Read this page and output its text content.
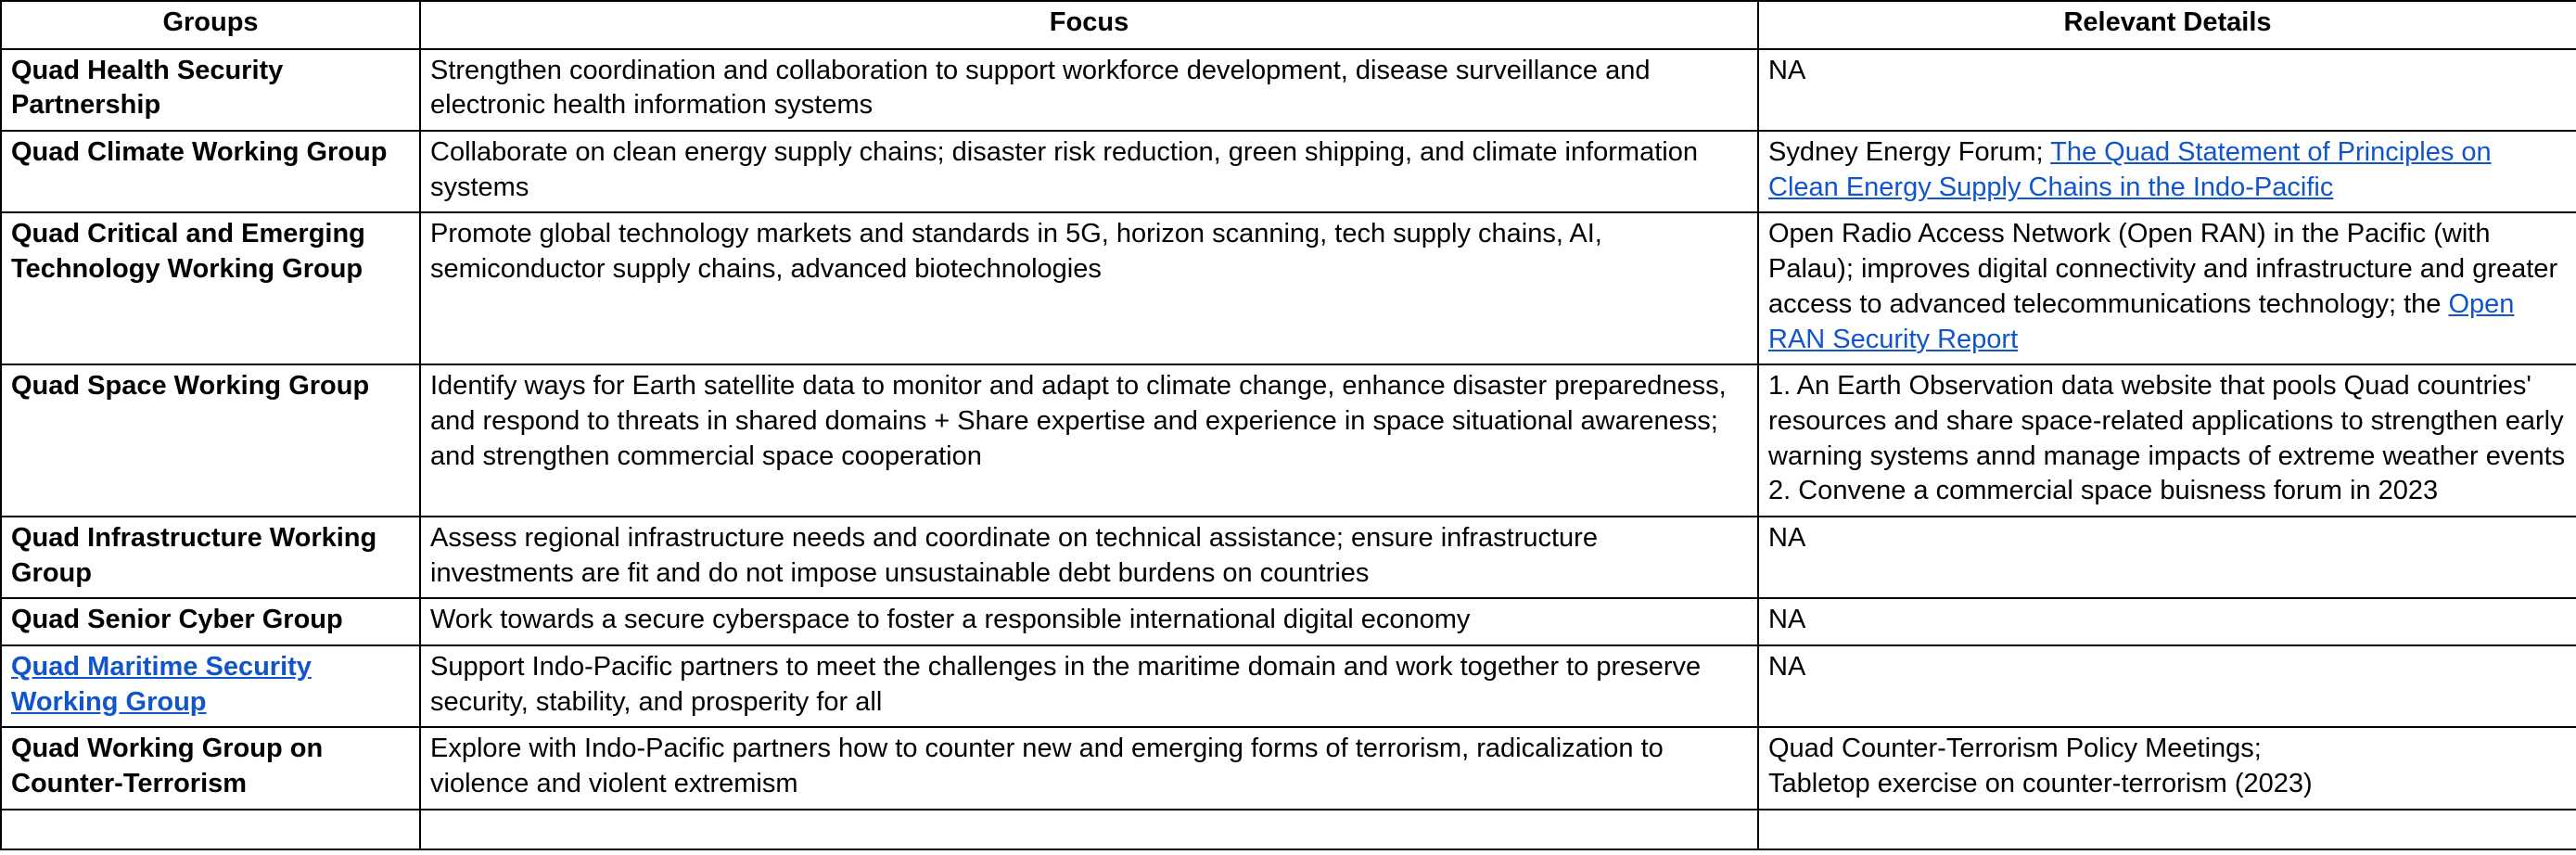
Groups	Focus	Relevant Details
Quad Health Security Partnership	Strengthen coordination and collaboration to support workforce development, disease surveillance and electronic health information systems	NA
Quad Climate Working Group	Collaborate on clean energy supply chains; disaster risk reduction, green shipping, and climate information systems	Sydney Energy Forum; The Quad Statement of Principles on Clean Energy Supply Chains in the Indo-Pacific
Quad Critical and Emerging Technology Working Group	Promote global technology markets and standards in 5G, horizon scanning, tech supply chains, AI, semiconductor supply chains, advanced biotechnologies	Open Radio Access Network (Open RAN) in the Pacific (with Palau); improves digital connectivity and infrastructure and greater access to advanced telecommunications technology; the Open RAN Security Report
Quad Space Working Group	Identify ways for Earth satellite data to monitor and adapt to climate change, enhance disaster preparedness, and respond to threats in shared domains + Share expertise and experience in space situational awareness; and strengthen commercial space cooperation	1. An Earth Observation data website that pools Quad countries' resources and share space-related applications to strengthen early warning systems annd manage impacts of extreme weather events
2. Convene a commercial space buisness forum in 2023
Quad Infrastructure Working Group	Assess regional infrastructure needs and coordinate on technical assistance; ensure infrastructure investments are fit and do not impose unsustainable debt burdens on countries	NA
Quad Senior Cyber Group	Work towards a secure cyberspace to foster a responsible international digital economy	NA
Quad Maritime Security Working Group	Support Indo-Pacific partners to meet the challenges in the maritime domain and work together to preserve security, stability, and prosperity for all	NA
Quad Working Group on Counter-Terrorism	Explore with Indo-Pacific partners how to counter new and emerging forms of terrorism, radicalization to violence and violent extremism	Quad Counter-Terrorism Policy Meetings;
Tabletop exercise on counter-terrorism (2023)
